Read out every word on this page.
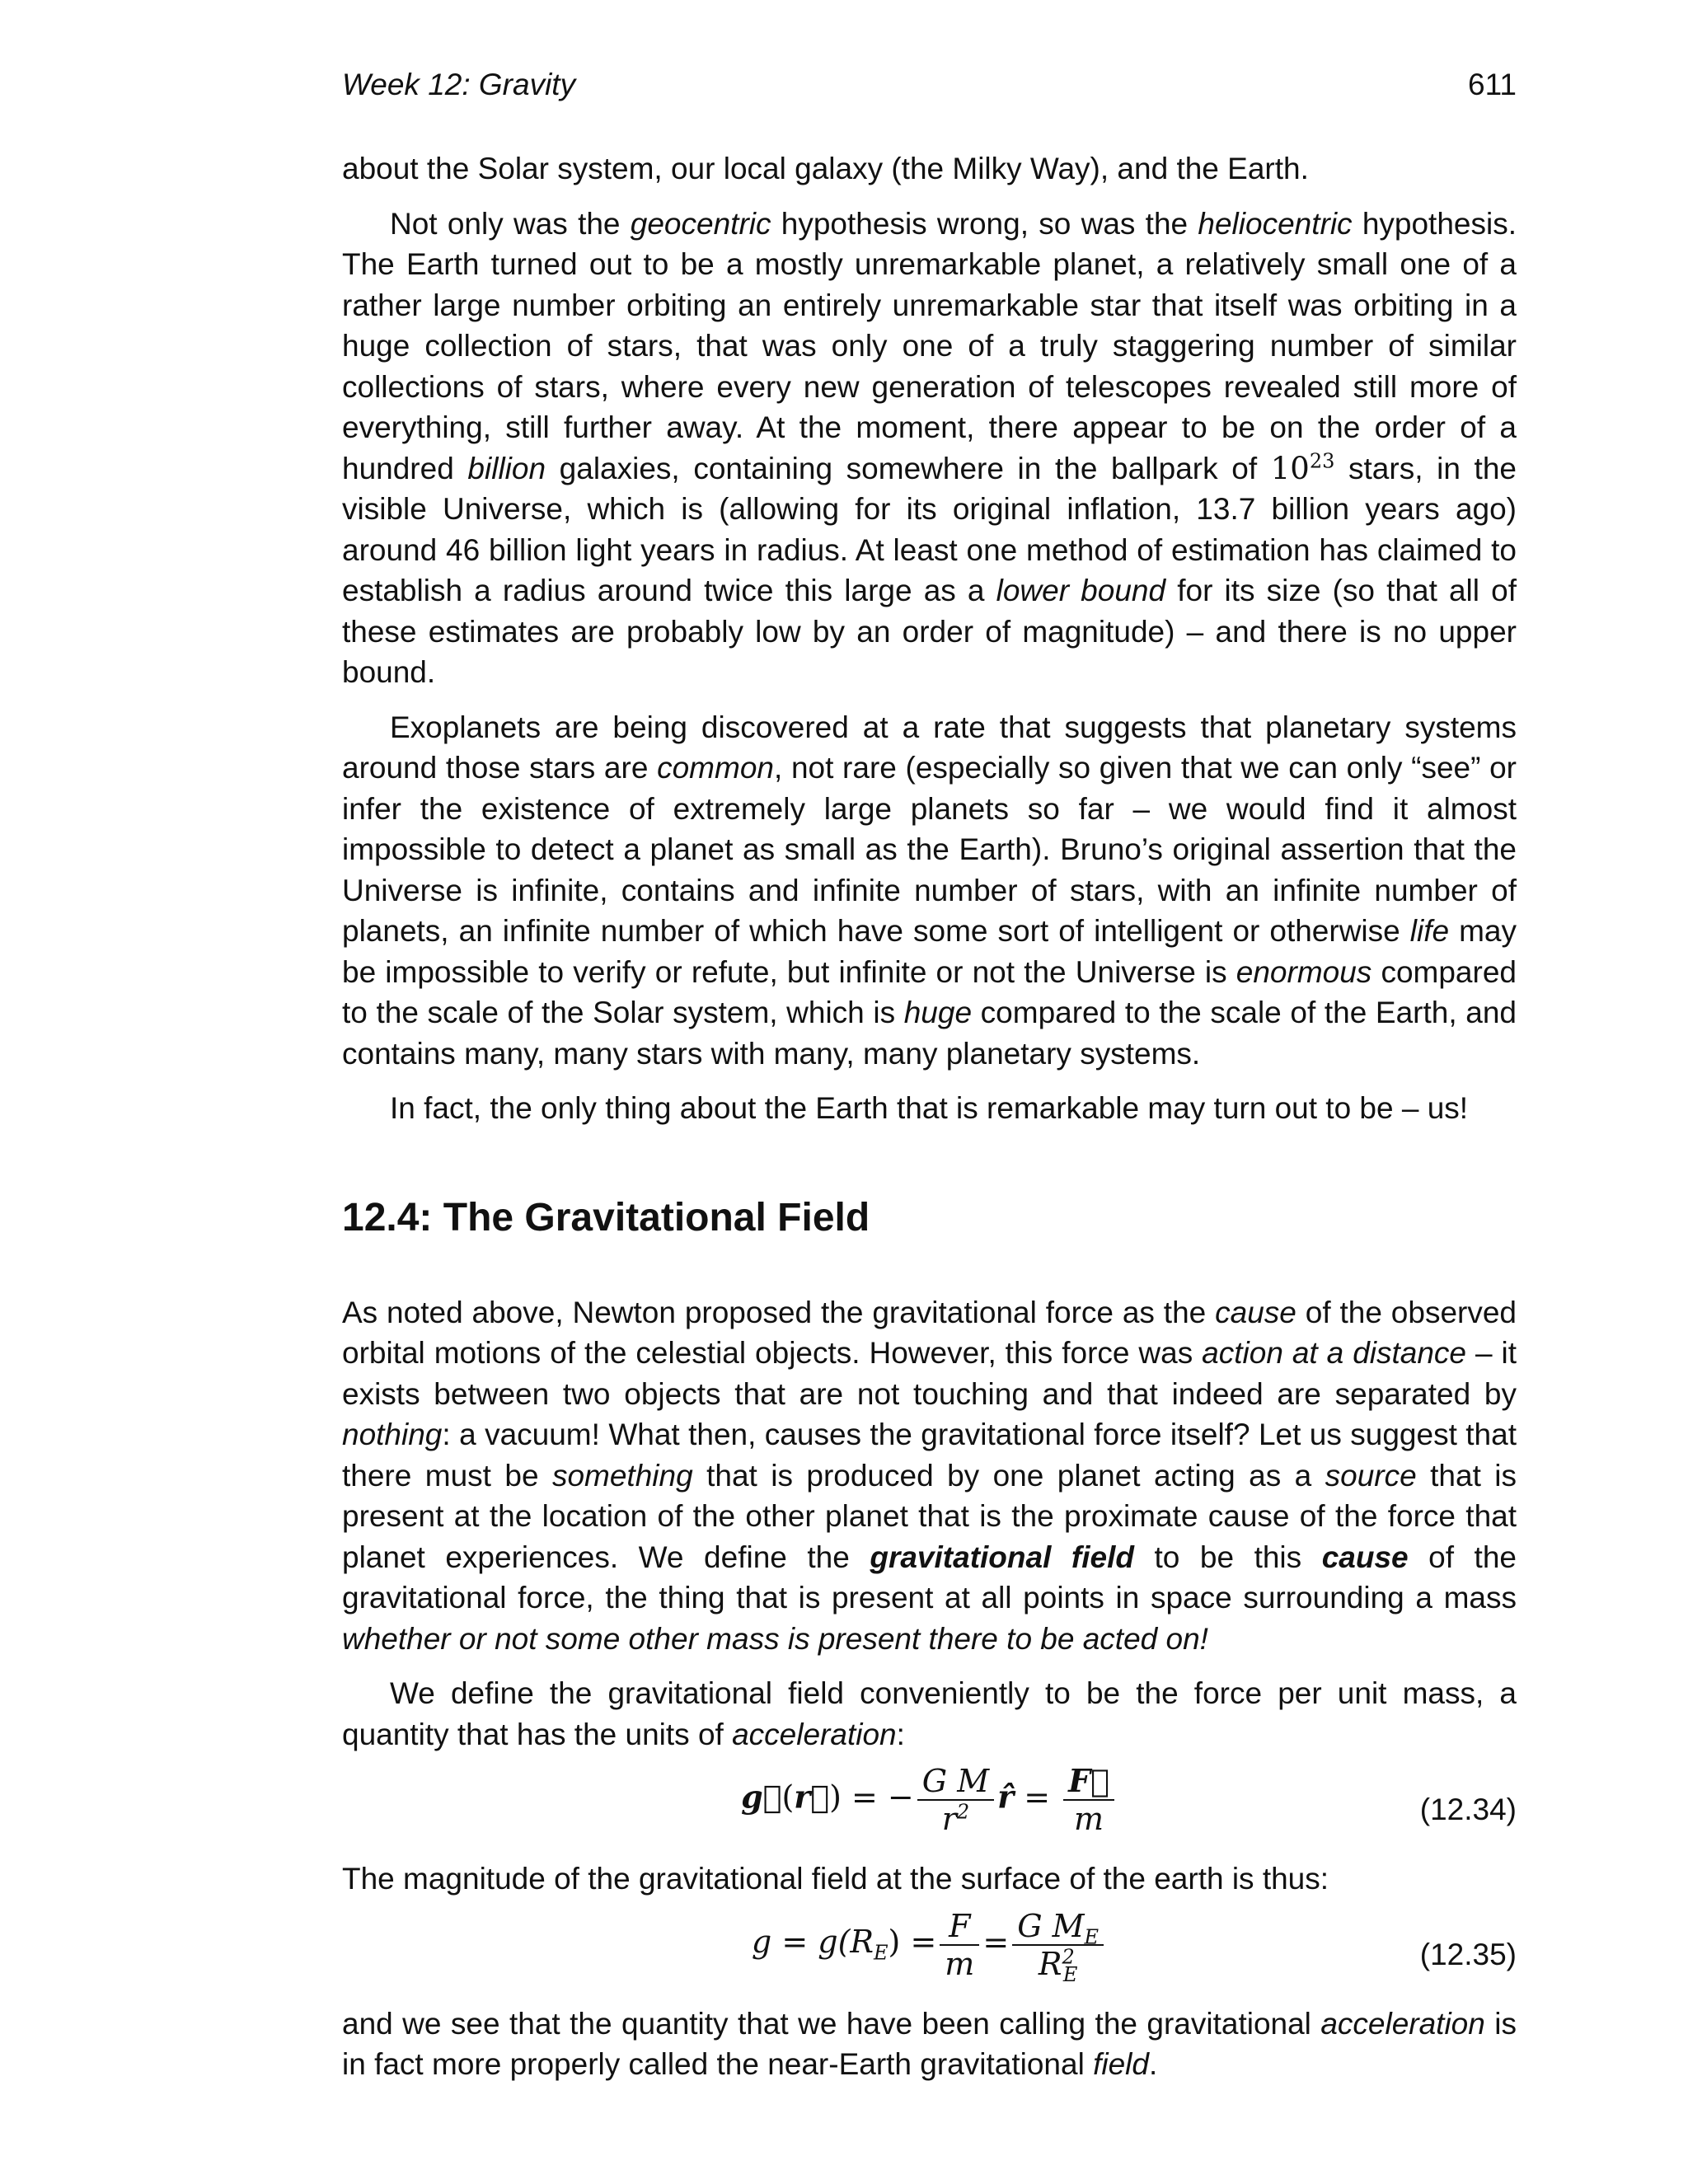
Week 12: Gravity	611

about the Solar system, our local galaxy (the Milky Way), and the Earth.

Not only was the geocentric hypothesis wrong, so was the heliocentric hypothesis. The Earth turned out to be a mostly unremarkable planet, a relatively small one of a rather large number orbiting an entirely unremarkable star that itself was orbiting in a huge collection of stars, that was only one of a truly staggering number of similar collections of stars, where every new generation of telescopes revealed still more of everything, still further away. At the moment, there appear to be on the order of a hundred billion galaxies, containing somewhere in the ballpark of $10^{23}$ stars, in the visible Universe, which is (allowing for its original inflation, 13.7 billion years ago) around 46 billion light years in radius. At least one method of estimation has claimed to establish a radius around twice this large as a lower bound for its size (so that all of these estimates are probably low by an order of magnitude) – and there is no upper bound.

Exoplanets are being discovered at a rate that suggests that planetary systems around those stars are common, not rare (especially so given that we can only “see” or infer the existence of extremely large planets so far – we would find it almost impossible to detect a planet as small as the Earth). Bruno’s original assertion that the Universe is infinite, contains and infinite number of stars, with an infinite number of planets, an infinite number of which have some sort of intelligent or otherwise life may be impossible to verify or refute, but infinite or not the Universe is enormous compared to the scale of the Solar system, which is huge compared to the scale of the Earth, and contains many, many stars with many, many planetary systems.

In fact, the only thing about the Earth that is remarkable may turn out to be – us!

12.4: The Gravitational Field

As noted above, Newton proposed the gravitational force as the cause of the observed orbital motions of the celestial objects. However, this force was action at a distance – it exists between two objects that are not touching and that indeed are separated by nothing: a vacuum! What then, causes the gravitational force itself? Let us suggest that there must be something that is produced by one planet acting as a source that is present at the location of the other planet that is the proximate cause of the force that planet experiences. We define the gravitational field to be this cause of the gravitational force, the thing that is present at all points in space surrounding a mass whether or not some other mass is present there to be acted on!

We define the gravitational field conveniently to be the force per unit mass, a quantity that has the units of acceleration:

g(r) = − $\frac{\text{G M}}{r^2}$ r̂ = $\frac{F}{m}$	(12.34)

The magnitude of the gravitational field at the surface of the earth is thus:

$g = g(R_E) = \frac{F}{m} = \frac{G M_E}{R^2_E}$	(12.35)

and we see that the quantity that we have been calling the gravitational acceleration is in fact more properly called the near-Earth gravitational field.
